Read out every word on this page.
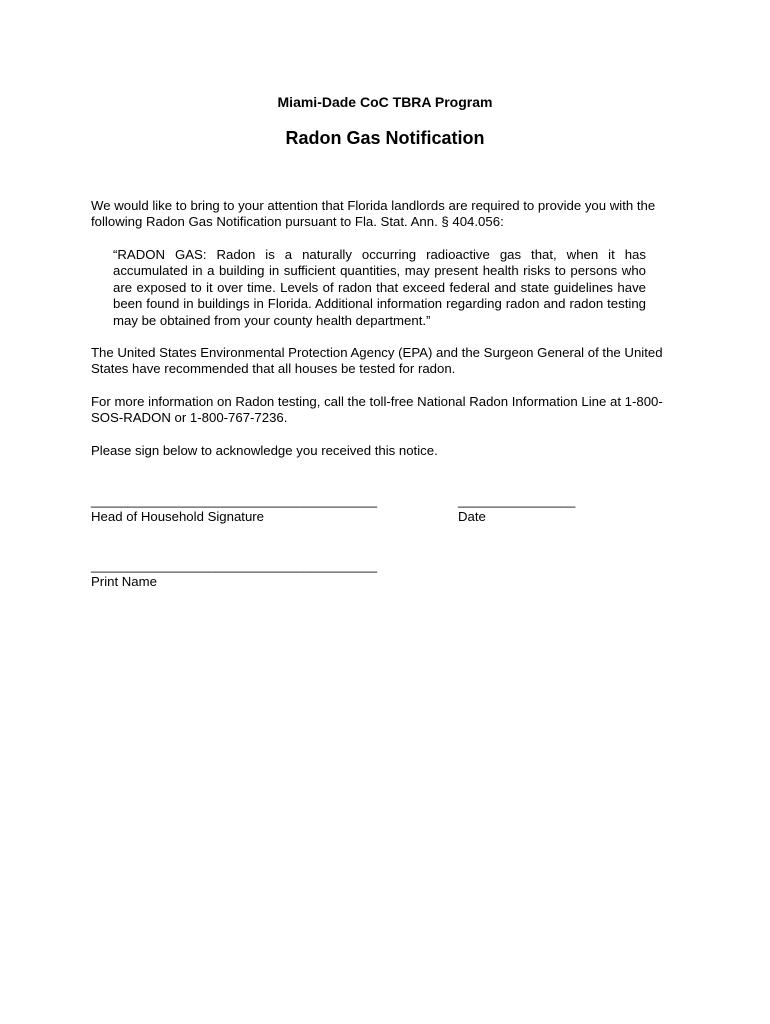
Miami-Dade CoC TBRA Program
Radon Gas Notification

We would like to bring to your attention that Florida landlords are required to provide you with the following Radon Gas Notification pursuant to Fla. Stat. Ann. § 404.056:

“RADON GAS: Radon is a naturally occurring radioactive gas that, when it has accumulated in a building in sufficient quantities, may present health risks to persons who are exposed to it over time. Levels of radon that exceed federal and state guidelines have been found in buildings in Florida. Additional information regarding radon and radon testing may be obtained from your county health department.”

The United States Environmental Protection Agency (EPA) and the Surgeon General of the United States have recommended that all houses be tested for radon.

For more information on Radon testing, call the toll-free National Radon Information Line at 1-800-SOS-RADON or 1-800-767-7236.

Please sign below to acknowledge you received this notice.

_______________________________________
Head of Household Signature
________________
Date
_______________________________________
Print Name
